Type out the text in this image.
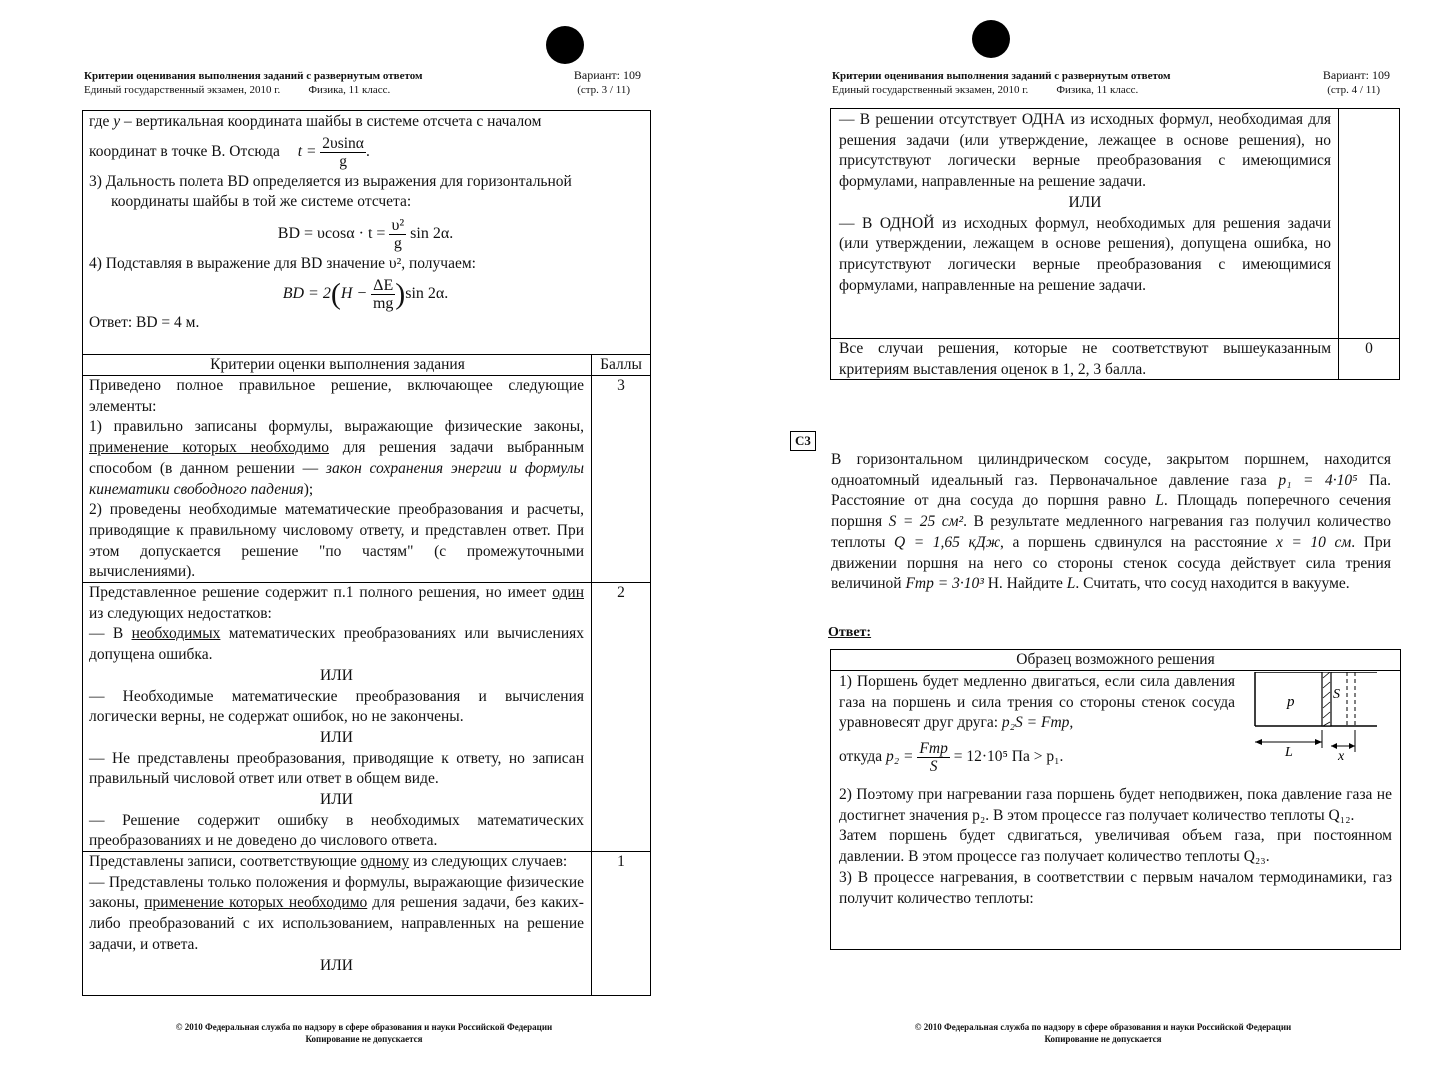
Критерии оценивания выполнения заданий с развернутым ответом
Единый государственный экзамен, 2010 г.	Физика, 11 класс.
Вариант: 109
(стр. 3 / 11)

где y – вертикальная координата шайбы в системе отсчета с началом

координат в точке B. Отсюда $t = \frac{2\upsilon\sin\alpha}{g}$ .

3) Дальность полета BD определяется из выражения для горизонтальной

координаты шайбы в той же системе отсчета:

BD = $\upsilon\cos\alpha \cdot t = \frac{\text{υ²}}{g}$ sin 2α.

4) Подставляя в выражение для BD значение υ², получаем:

BD = $2(H - \frac{\Delta E}{mg} )\sin$ 2α.

Ответ: BD = 4 м.

Критерии оценки выполнения задания	Баллы

Приведено полное правильное решение, включающее следующие элементы:

1) правильно записаны формулы, выражающие физические законы, применение которых необходимо для решения задачи выбранным способом (в данном решении — закон сохранения энергии и формулы кинематики свободного падения);

2) проведены необходимые математические преобразования и расчеты, приводящие к правильному числовому ответу, и представлен ответ. При этом допускается решение "по частям" (с промежуточными вычислениями).

3

Представленное решение содержит п.1 полного решения, но имеет один из следующих недостатков:

— В необходимых математических преобразованиях или вычислениях допущена ошибка.

ИЛИ

— Необходимые математические преобразования и вычисления логически верны, не содержат ошибок, но не закончены.

ИЛИ

— Не представлены преобразования, приводящие к ответу, но записан правильный числовой ответ или ответ в общем виде.

ИЛИ

— Решение содержит ошибку в необходимых математических преобразованиях и не доведено до числового ответа.

2

Представлены записи, соответствующие одному из следующих случаев:

— Представлены только положения и формулы, выражающие физические законы, применение которых необходимо для решения задачи, без каких-либо преобразований с их использованием, направленных на решение задачи, и ответа.

ИЛИ

1
© 2010 Федеральная служба по надзору в сфере образования и науки Российской Федерации
Копирование не допускается
Критерии оценивания выполнения заданий с развернутым ответом
Единый государственный экзамен, 2010 г.	Физика, 11 класс.
Вариант: 109
(стр. 4 / 11)

— В решении отсутствует ОДНА из исходных формул, необходимая для решения задачи (или утверждение, лежащее в основе решения), но присутствуют логически верные преобразования с имеющимися формулами, направленные на решение задачи.

ИЛИ

— В ОДНОЙ из исходных формул, необходимых для решения задачи (или утверждении, лежащем в основе решения), допущена ошибка, но присутствуют логически верные преобразования с имеющимися формулами, направленные на решение задачи.

Все случаи решения, которые не соответствуют вышеуказанным критериям выставления оценок в 1, 2, 3 балла.
0
C3
В горизонтальном цилиндрическом сосуде, закрытом поршнем, находится одноатомный идеальный газ. Первоначальное давление газа p₁ = 4·10⁵ Па. Расстояние от дна сосуда до поршня равно L. Площадь поперечного сечения поршня S = 25 см². В результате медленного нагревания газ получил количество теплоты Q = 1,65 кДж, а поршень сдвинулся на расстояние x = 10 см. При движении поршня на него со стороны стенок сосуда действует сила трения величиной Fтр = 3·10³ Н. Найдите L. Считать, что сосуд находится в вакууме.
Ответ:
Образец возможного решения

1) Поршень будет медленно двигаться, если сила давления газа на поршень и сила трения со стороны стенок сосуда уравновесят друг друга: p₂S = Fтр,

откуда $p_2 = \frac{\text{Fтр}}{S} = 12\cdot 10^5$ Па > p₁.

p	S
L	x

2) Поэтому при нагревании газа поршень будет неподвижен, пока давление газа не достигнет значения p₂. В этом процессе газ получает количество теплоты Q₁₂.

Затем поршень будет сдвигаться, увеличивая объем газа, при постоянном давлении. В этом процессе газ получает количество теплоты Q₂₃.

3) В процессе нагревания, в соответствии с первым началом термодинамики, газ получит количество теплоты:

© 2010 Федеральная служба по надзору в сфере образования и науки Российской Федерации
Копирование не допускается
